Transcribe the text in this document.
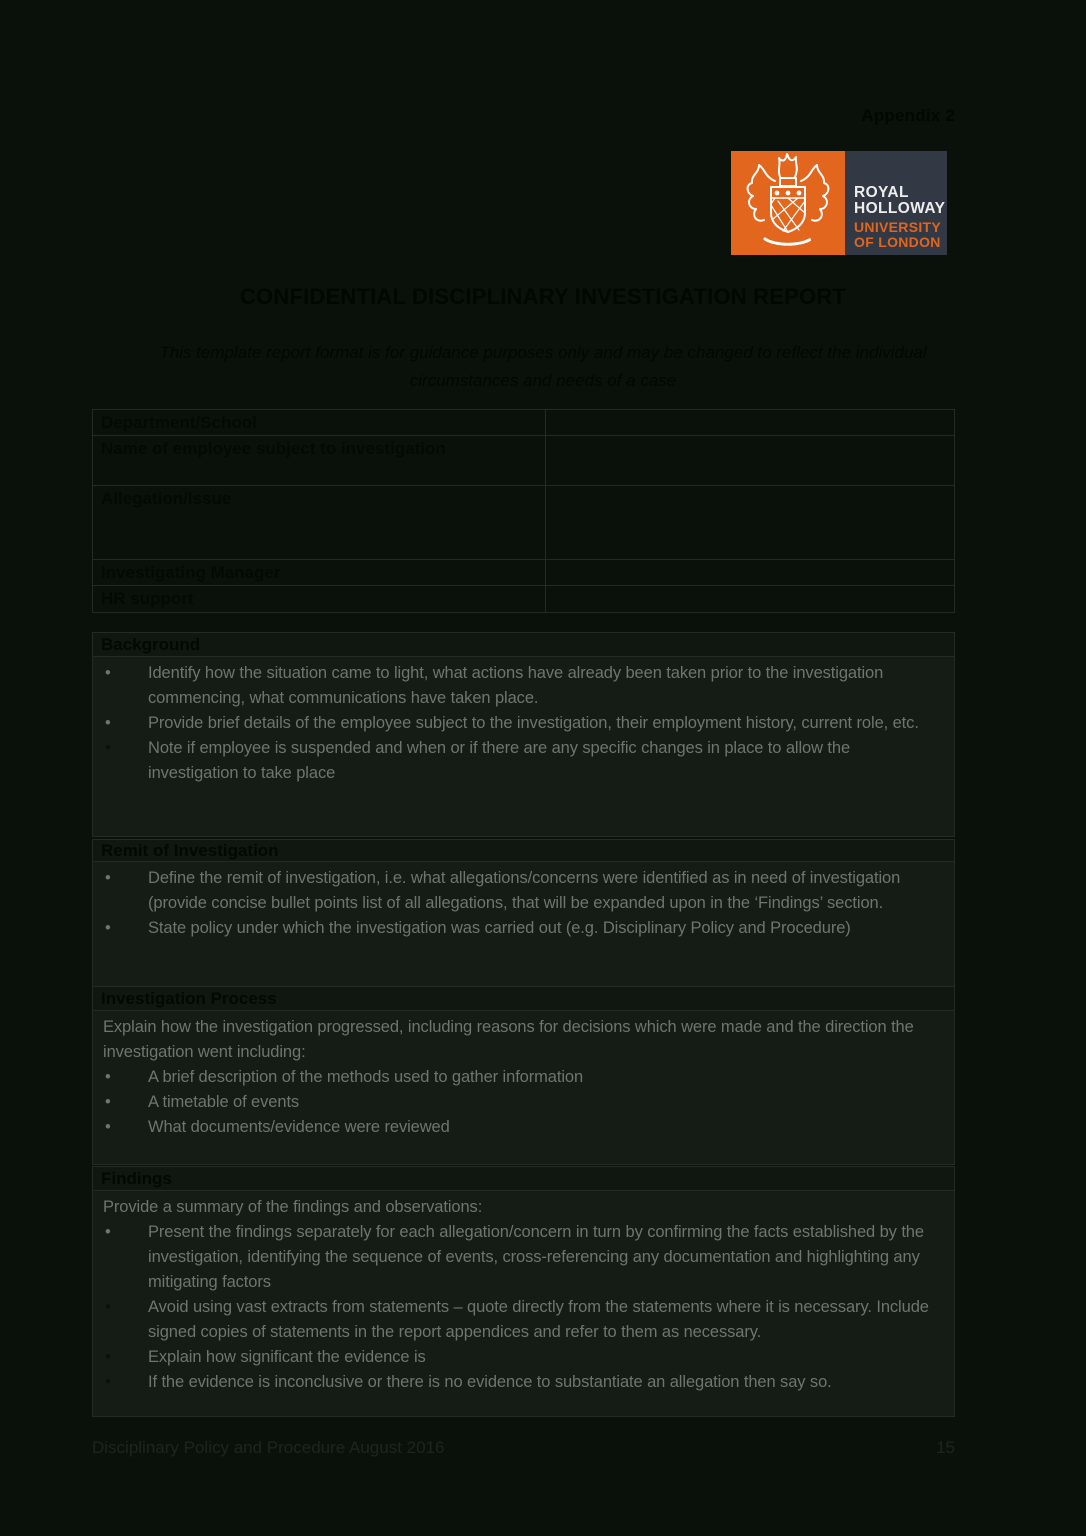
Appendix 2
ROYAL
HOLLOWAY
UNIVERSITY
OF LONDON
CONFIDENTIAL DISCIPLINARY INVESTIGATION REPORT
This template report format is for guidance purposes only and may be changed to reflect the individual circumstances and needs of a case
Department/School	
Name of employee subject to investigation	
Allegation/Issue	
Investigating Manager	
HR support	
Background
•	Identify how the situation came to light, what actions have already been taken prior to the investigation commencing, what communications have taken place.
•	Provide brief details of the employee subject to the investigation, their employment history, current role, etc.
•	Note if employee is suspended and when or if there are any specific changes in place to allow the investigation to take place
Remit of Investigation
•	Define the remit of investigation, i.e. what allegations/concerns were identified as in need of investigation (provide concise bullet points list of all allegations, that will be expanded upon in the ‘Findings’ section.
•	State policy under which the investigation was carried out (e.g. Disciplinary Policy and Procedure)
Investigation Process
Explain how the investigation progressed, including reasons for decisions which were made and the direction the investigation went including:
•	A brief description of the methods used to gather information
•	A timetable of events
•	What documents/evidence were reviewed
Findings
Provide a summary of the findings and observations:
•	Present the findings separately for each allegation/concern in turn by confirming the facts established by the investigation, identifying the sequence of events, cross-referencing any documentation and highlighting any mitigating factors
•	Avoid using vast extracts from statements – quote directly from the statements where it is necessary. Include signed copies of statements in the report appendices and refer to them as necessary.
•	Explain how significant the evidence is
•	If the evidence is inconclusive or there is no evidence to substantiate an allegation then say so.
Disciplinary Policy and Procedure August 2016	15
